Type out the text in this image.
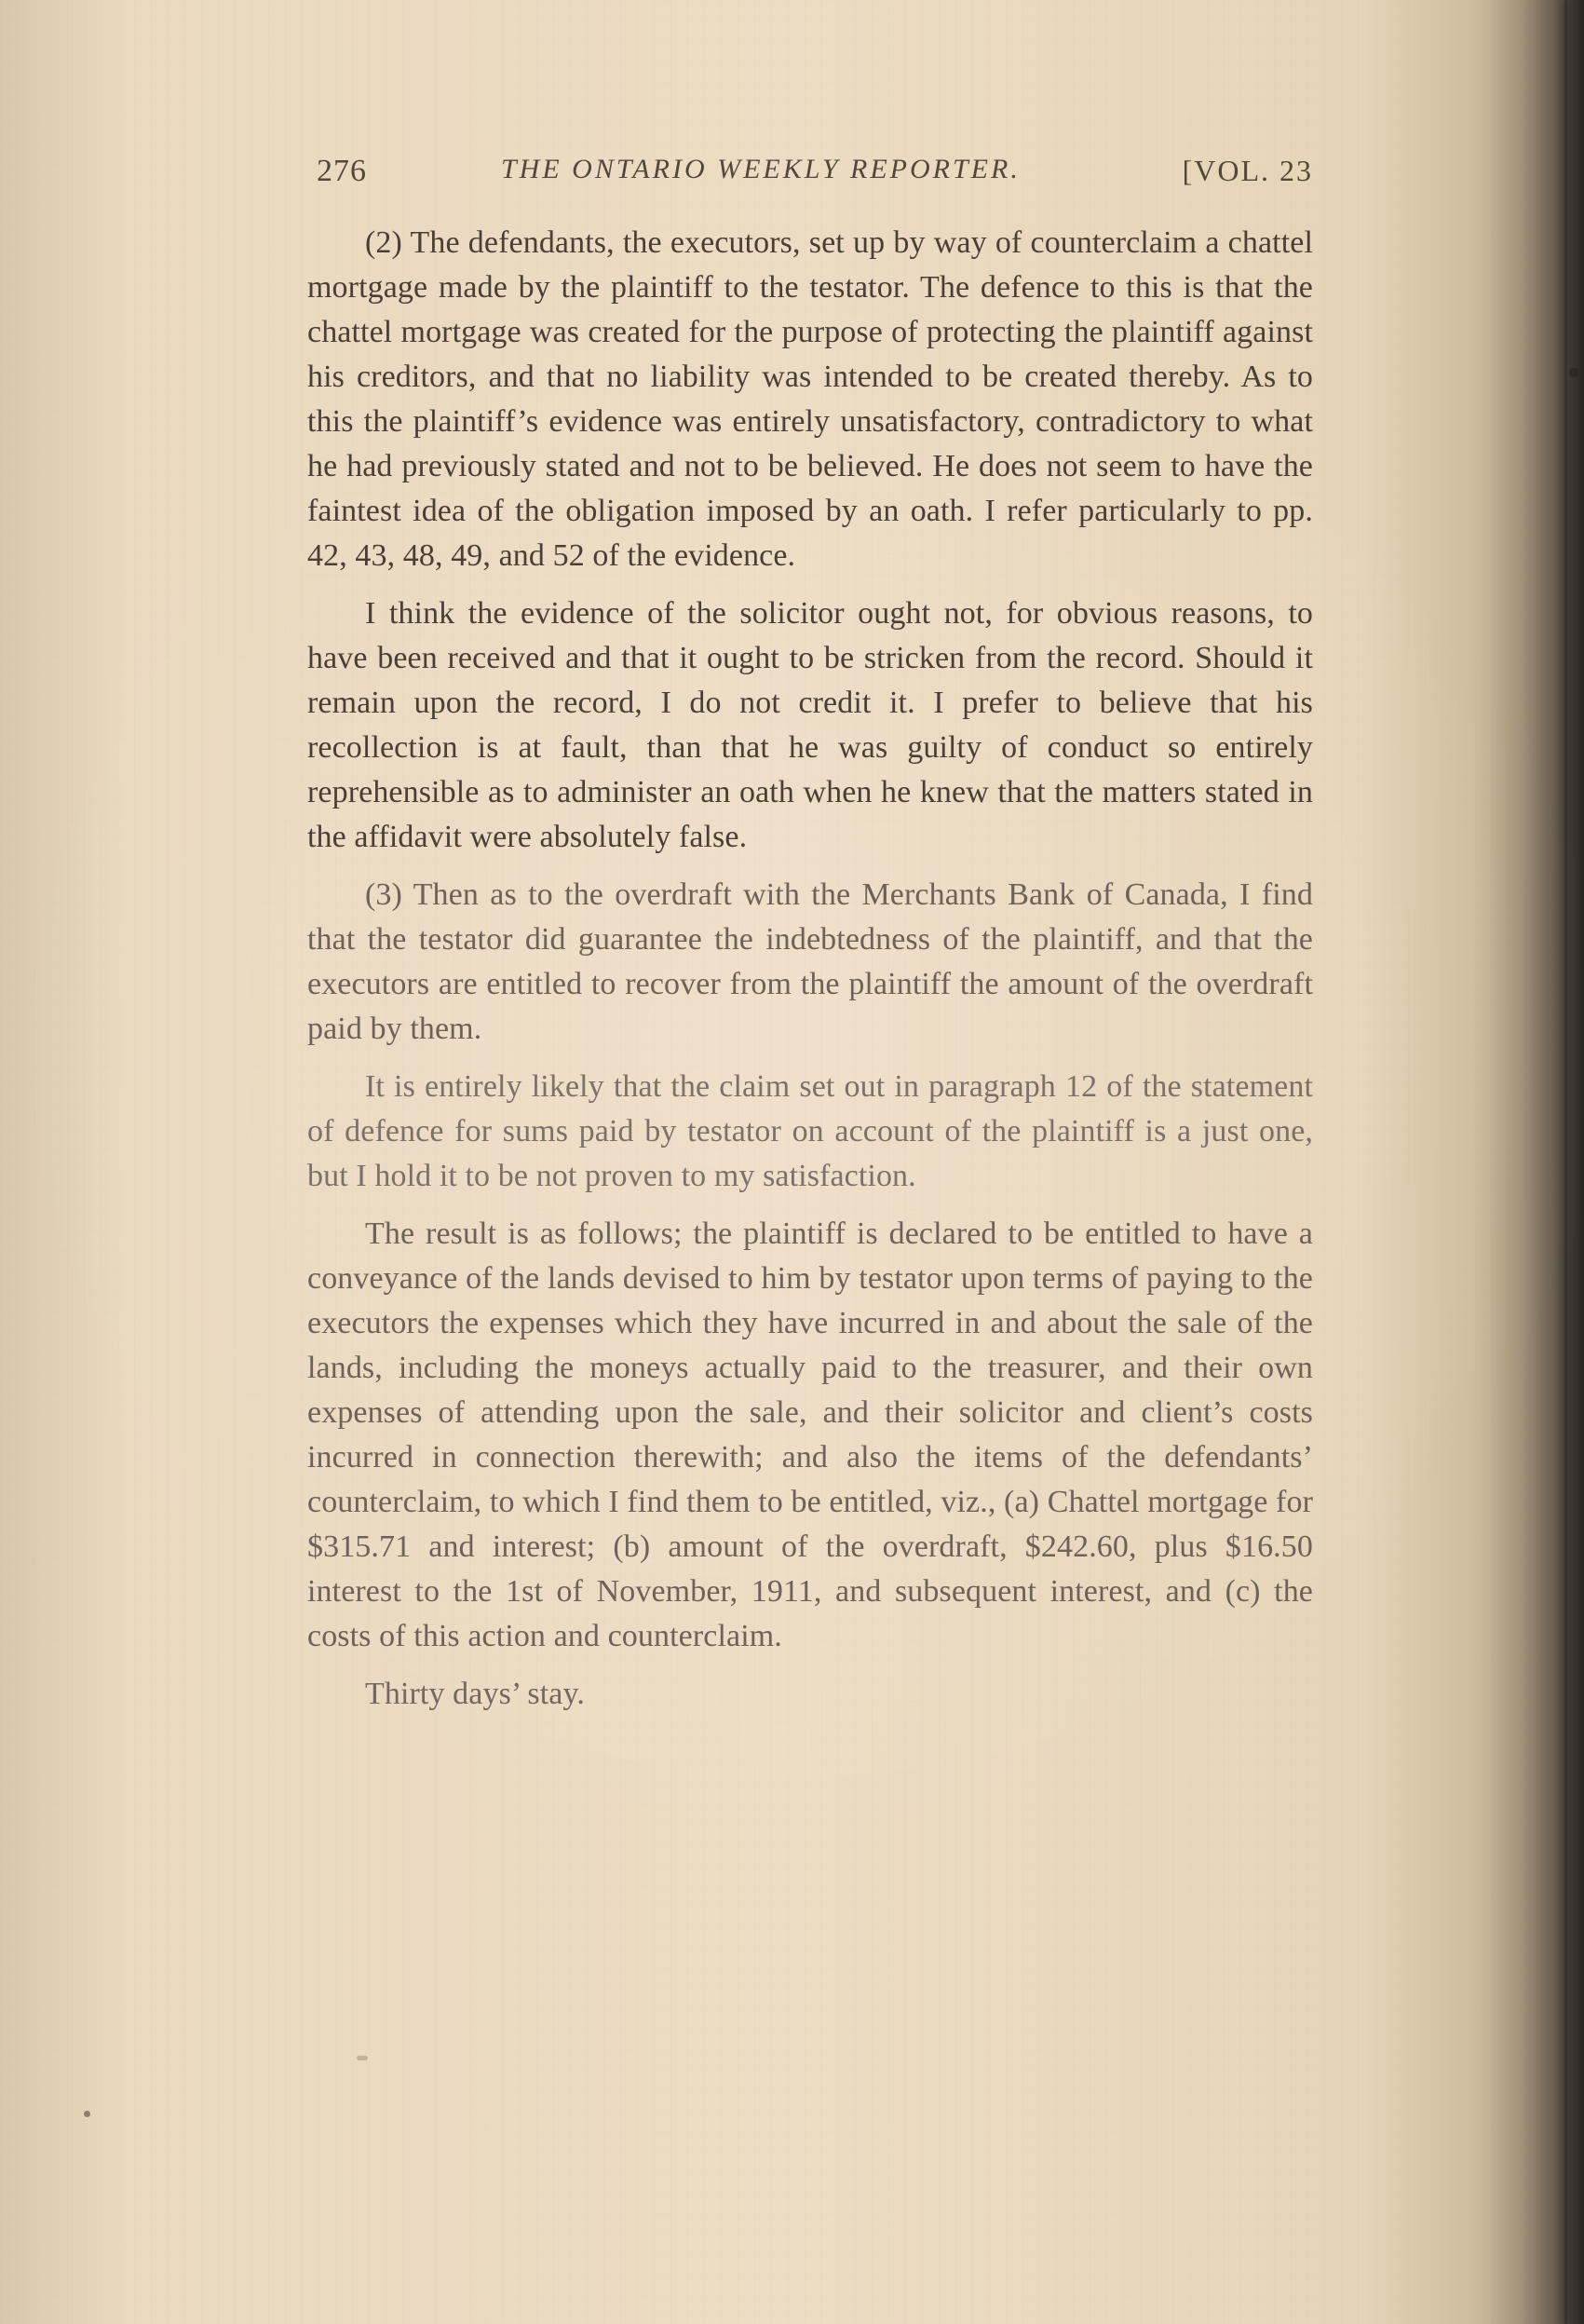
276	THE ONTARIO WEEKLY REPORTER.	[VOL. 23

(2) The defendants, the executors, set up by way of counterclaim a chattel mortgage made by the plaintiff to the testator. The defence to this is that the chattel mortgage was created for the purpose of protecting the plaintiff against his creditors, and that no liability was intended to be created thereby. As to this the plaintiff’s evidence was entirely unsatisfactory, contradictory to what he had previously stated and not to be believed. He does not seem to have the faintest idea of the obligation imposed by an oath. I refer particularly to pp. 42, 43, 48, 49, and 52 of the evidence.

I think the evidence of the solicitor ought not, for obvious reasons, to have been received and that it ought to be stricken from the record. Should it remain upon the record, I do not credit it. I prefer to believe that his recollection is at fault, than that he was guilty of conduct so entirely reprehensible as to administer an oath when he knew that the matters stated in the affidavit were absolutely false.

(3) Then as to the overdraft with the Merchants Bank of Canada, I find that the testator did guarantee the indebtedness of the plaintiff, and that the executors are entitled to recover from the plaintiff the amount of the overdraft paid by them.

It is entirely likely that the claim set out in paragraph 12 of the statement of defence for sums paid by testator on account of the plaintiff is a just one, but I hold it to be not proven to my satisfaction.

The result is as follows; the plaintiff is declared to be entitled to have a conveyance of the lands devised to him by testator upon terms of paying to the executors the expenses which they have incurred in and about the sale of the lands, including the moneys actually paid to the treasurer, and their own expenses of attending upon the sale, and their solicitor and client’s costs incurred in connection therewith; and also the items of the defendants’ counterclaim, to which I find them to be entitled, viz., (a) Chattel mortgage for $315.71 and interest; (b) amount of the overdraft, $242.60, plus $16.50 interest to the 1st of November, 1911, and subsequent interest, and (c) the costs of this action and counterclaim.

Thirty days’ stay.
